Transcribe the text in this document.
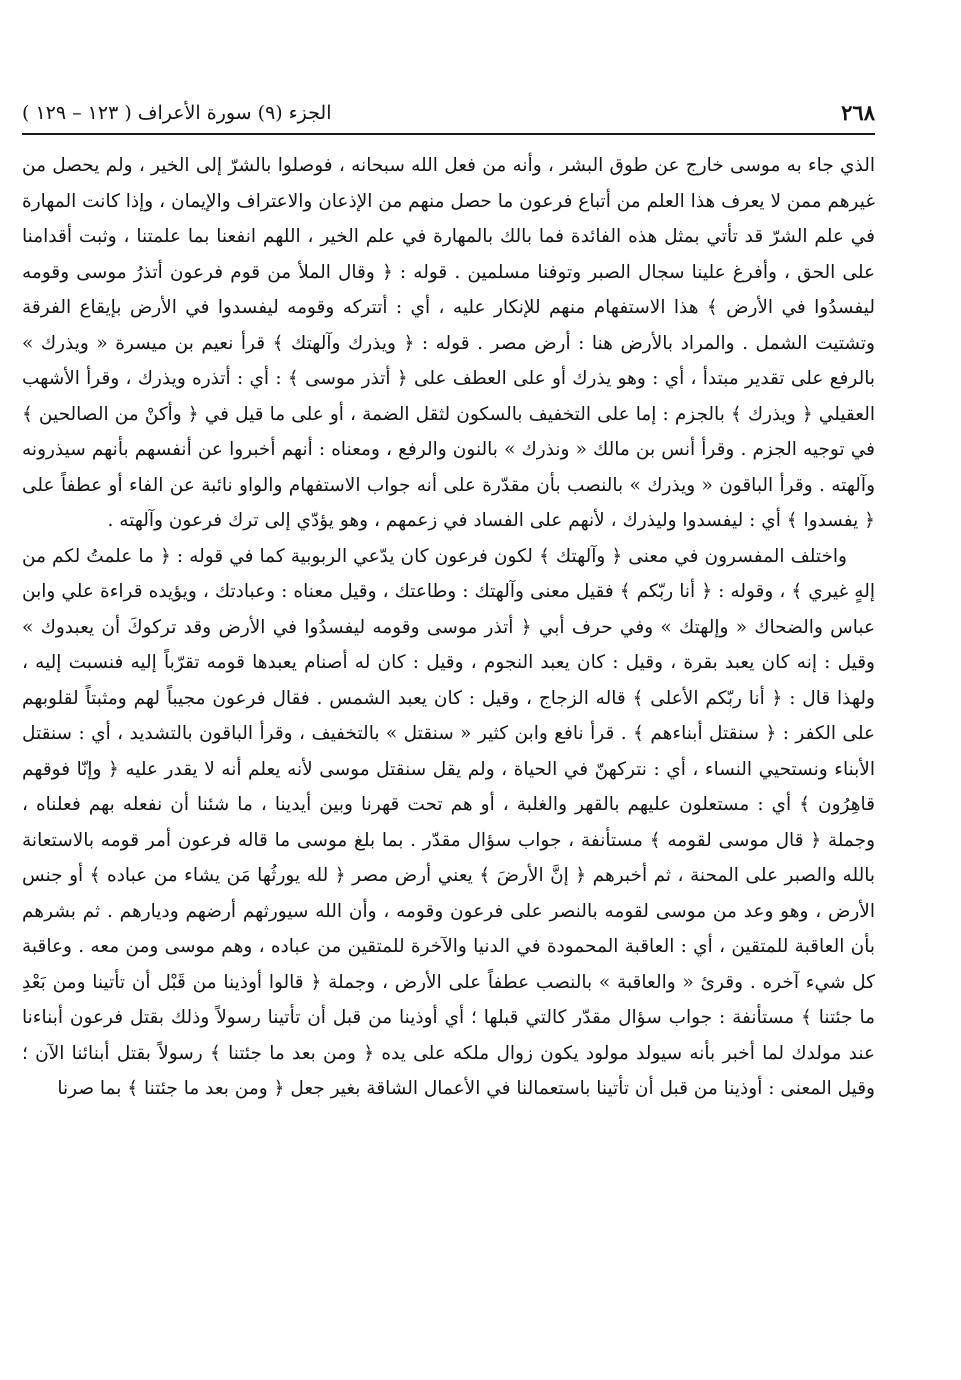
٢٦٨
الجزء (٩) سورة الأعراف ( ١٢٣ – ١٢٩ )

الذي جاء به موسى خارج عن طوق البشر ، وأنه من فعل الله سبحانه ، فوصلوا بالشرّ إلى الخير ، ولم يحصل من غيرهم ممن لا يعرف هذا العلم من أتباع فرعون ما حصل منهم من الإذعان والاعتراف والإيمان ، وإذا كانت المهارة في علم الشرّ قد تأتي بمثل هذه الفائدة فما بالك بالمهارة في علم الخير ، اللهم انفعنا بما علمتنا ، وثبت أقدامنا على الحق ، وأفرغ علينا سجال الصبر وتوفنا مسلمين . قوله : ﴿ وقال الملأ من قوم فرعون أتذرُ موسى وقومه ليفسدُوا في الأرض ﴾ هذا الاستفهام منهم للإنكار عليه ، أي : أتتركه وقومه ليفسدوا في الأرض بإيقاع الفرقة وتشتيت الشمل . والمراد بالأرض هنا : أرض مصر . قوله : ﴿ ويذرك وآلهتك ﴾ قرأ نعيم بن ميسرة « ويذرك » بالرفع على تقدير مبتدأ ، أي : وهو يذرك أو على العطف على ﴿ أتذر موسى ﴾ : أي : أتذره ويذرك ، وقرأ الأشهب العقيلي ﴿ ويذرك ﴾ بالجزم : إما على التخفيف بالسكون لثقل الضمة ، أو على ما قيل في ﴿ وأكنْ من الصالحين ﴾ في توجيه الجزم . وقرأ أنس بن مالك « ونذرك » بالنون والرفع ، ومعناه : أنهم أخبروا عن أنفسهم بأنهم سيذرونه وآلهته . وقرأ الباقون « ويذرك » بالنصب بأن مقدّرة على أنه جواب الاستفهام والواو نائبة عن الفاء أو عطفاً على ﴿ يفسدوا ﴾ أي : ليفسدوا وليذرك ، لأنهم على الفساد في زعمهم ، وهو يؤدّي إلى ترك فرعون وآلهته .

واختلف المفسرون في معنى ﴿ وآلهتك ﴾ لكون فرعون كان يدّعي الربوبية كما في قوله : ﴿ ما علمتُ لكم من إلهٍ غيري ﴾ ، وقوله : ﴿ أنا ربّكم ﴾ فقيل معنى وآلهتك : وطاعتك ، وقيل معناه : وعبادتك ، ويؤيده قراءة علي وابن عباس والضحاك « وإلهتك » وفي حرف أبي ﴿ أتذر موسى وقومه ليفسدُوا في الأرض وقد تركوكَ أن يعبدوك » وقيل : إنه كان يعبد بقرة ، وقيل : كان يعبد النجوم ، وقيل : كان له أصنام يعبدها قومه تقرّباً إليه فنسبت إليه ، ولهذا قال : ﴿ أنا ربّكم الأعلى ﴾ قاله الزجاج ، وقيل : كان يعبد الشمس . فقال فرعون مجيباً لهم ومثبتاً لقلوبهم على الكفر : ﴿ سنقتل أبناءهم ﴾ . قرأ نافع وابن كثير « سنقتل » بالتخفيف ، وقرأ الباقون بالتشديد ، أي : سنقتل الأبناء ونستحيي النساء ، أي : نتركهنّ في الحياة ، ولم يقل سنقتل موسى لأنه يعلم أنه لا يقدر عليه ﴿ وإنّا فوقهم قاهِرُون ﴾ أي : مستعلون عليهم بالقهر والغلبة ، أو هم تحت قهرنا وبين أيدينا ، ما شئنا أن نفعله بهم فعلناه ، وجملة ﴿ قال موسى لقومه ﴾ مستأنفة ، جواب سؤال مقدّر . بما بلغ موسى ما قاله فرعون أمر قومه بالاستعانة بالله والصبر على المحنة ، ثم أخبرهم ﴿ إنَّ الأرضَ ﴾ يعني أرض مصر ﴿ لله يورثُها مَن يشاء من عباده ﴾ أو جنس الأرض ، وهو وعد من موسى لقومه بالنصر على فرعون وقومه ، وأن الله سيورثهم أرضهم وديارهم . ثم بشرهم بأن العاقبة للمتقين ، أي : العاقبة المحمودة في الدنيا والآخرة للمتقين من عباده ، وهم موسى ومن معه . وعاقبة كل شيء آخره . وقرئ « والعاقبة » بالنصب عطفاً على الأرض ، وجملة ﴿ قالوا أوذينا من قَبْل أن تأتينا ومن بَعْدِ ما جئتنا ﴾ مستأنفة : جواب سؤال مقدّر كالتي قبلها ؛ أي أوذينا من قبل أن تأتينا رسولاً وذلك بقتل فرعون أبناءنا عند مولدك لما أخبر بأنه سيولد مولود يكون زوال ملكه على يده ﴿ ومن بعد ما جئتنا ﴾ رسولاً بقتل أبنائنا الآن ؛ وقيل المعنى : أوذينا من قبل أن تأتينا باستعمالنا في الأعمال الشاقة بغير جعل ﴿ ومن بعد ما جئتنا ﴾ بما صرنا
